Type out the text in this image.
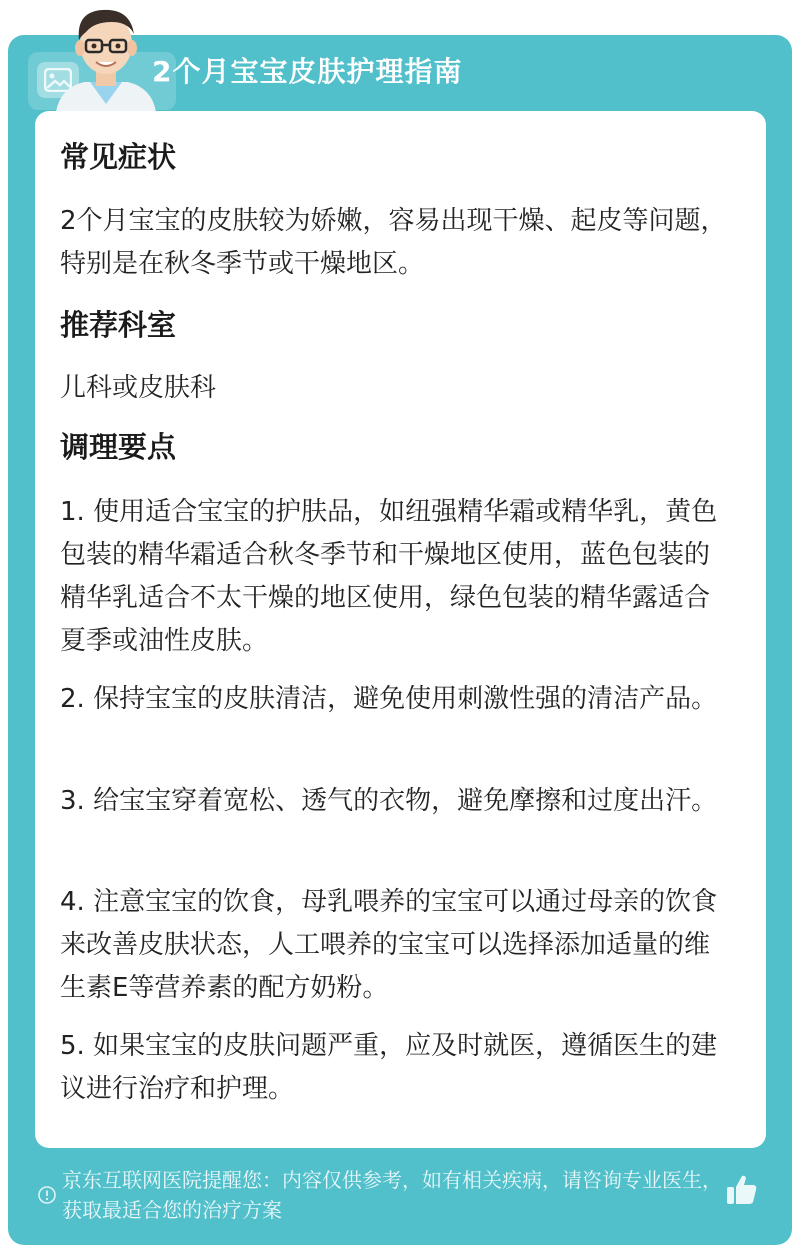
2个月宝宝皮肤护理指南
常见症状
2个月宝宝的皮肤较为娇嫩，容易出现干燥、起皮等问题，特别是在秋冬季节或干燥地区。
推荐科室
儿科或皮肤科
调理要点
1. 使用适合宝宝的护肤品，如纽强精华霜或精华乳，黄色包装的精华霜适合秋冬季节和干燥地区使用，蓝色包装的精华乳适合不太干燥的地区使用，绿色包装的精华露适合夏季或油性皮肤。
2. 保持宝宝的皮肤清洁，避免使用刺激性强的清洁产品。
3. 给宝宝穿着宽松、透气的衣物，避免摩擦和过度出汗。
4. 注意宝宝的饮食，母乳喂养的宝宝可以通过母亲的饮食来改善皮肤状态，人工喂养的宝宝可以选择添加适量的维生素E等营养素的配方奶粉。
5. 如果宝宝的皮肤问题严重，应及时就医，遵循医生的建议进行治疗和护理。
京东互联网医院提醒您：内容仅供参考，如有相关疾病，请咨询专业医生，获取最适合您的治疗方案
